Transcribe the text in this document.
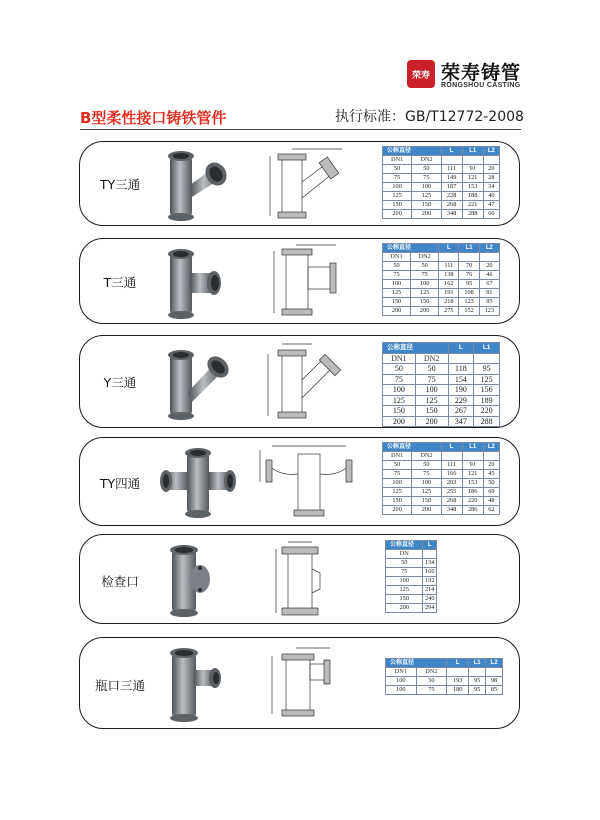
荣寿 荣寿铸管
RONGSHOU CASTING
B型柔性接口铸铁管件	执行标准：GB/T12772-2008
TY三通
公称直径		L	L1	L2
DN1	DN2			
50	50	111	91	20
75	75	149	121	28
100	100	187	153	34
125	125	228	188	40
150	150	268	221	47
200	200	348	288	60
T三通
公称直径		L	L1	L2
DN1	DN2			
50	50	111	70	20
75	75	138	76	46
100	100	162	95	67
125	125	191	108	81
150	150	218	123	95
200	200	275	152	123
Y三通
公称直径		L	L1
DN1	DN2		
50	50	118	95
75	75	154	125
100	100	190	156
125	125	229	189
150	150	267	220
200	200	347	288
TY四通
公称直径		L	L1	L2
DN1	DN2			
50	50	111	91	20
75	75	166	121	45
100	100	203	153	50
125	125	255	186	69
150	150	268	220	48
200	200	348	286	62
检查口
公称直径	L
DN	
50	134
75	160
100	192
125	214
150	240
200	294
瓶口三通
公称直径		L	L1	L2
DN1	DN2			
100	50	193	95	98
100	75	180	95	85
